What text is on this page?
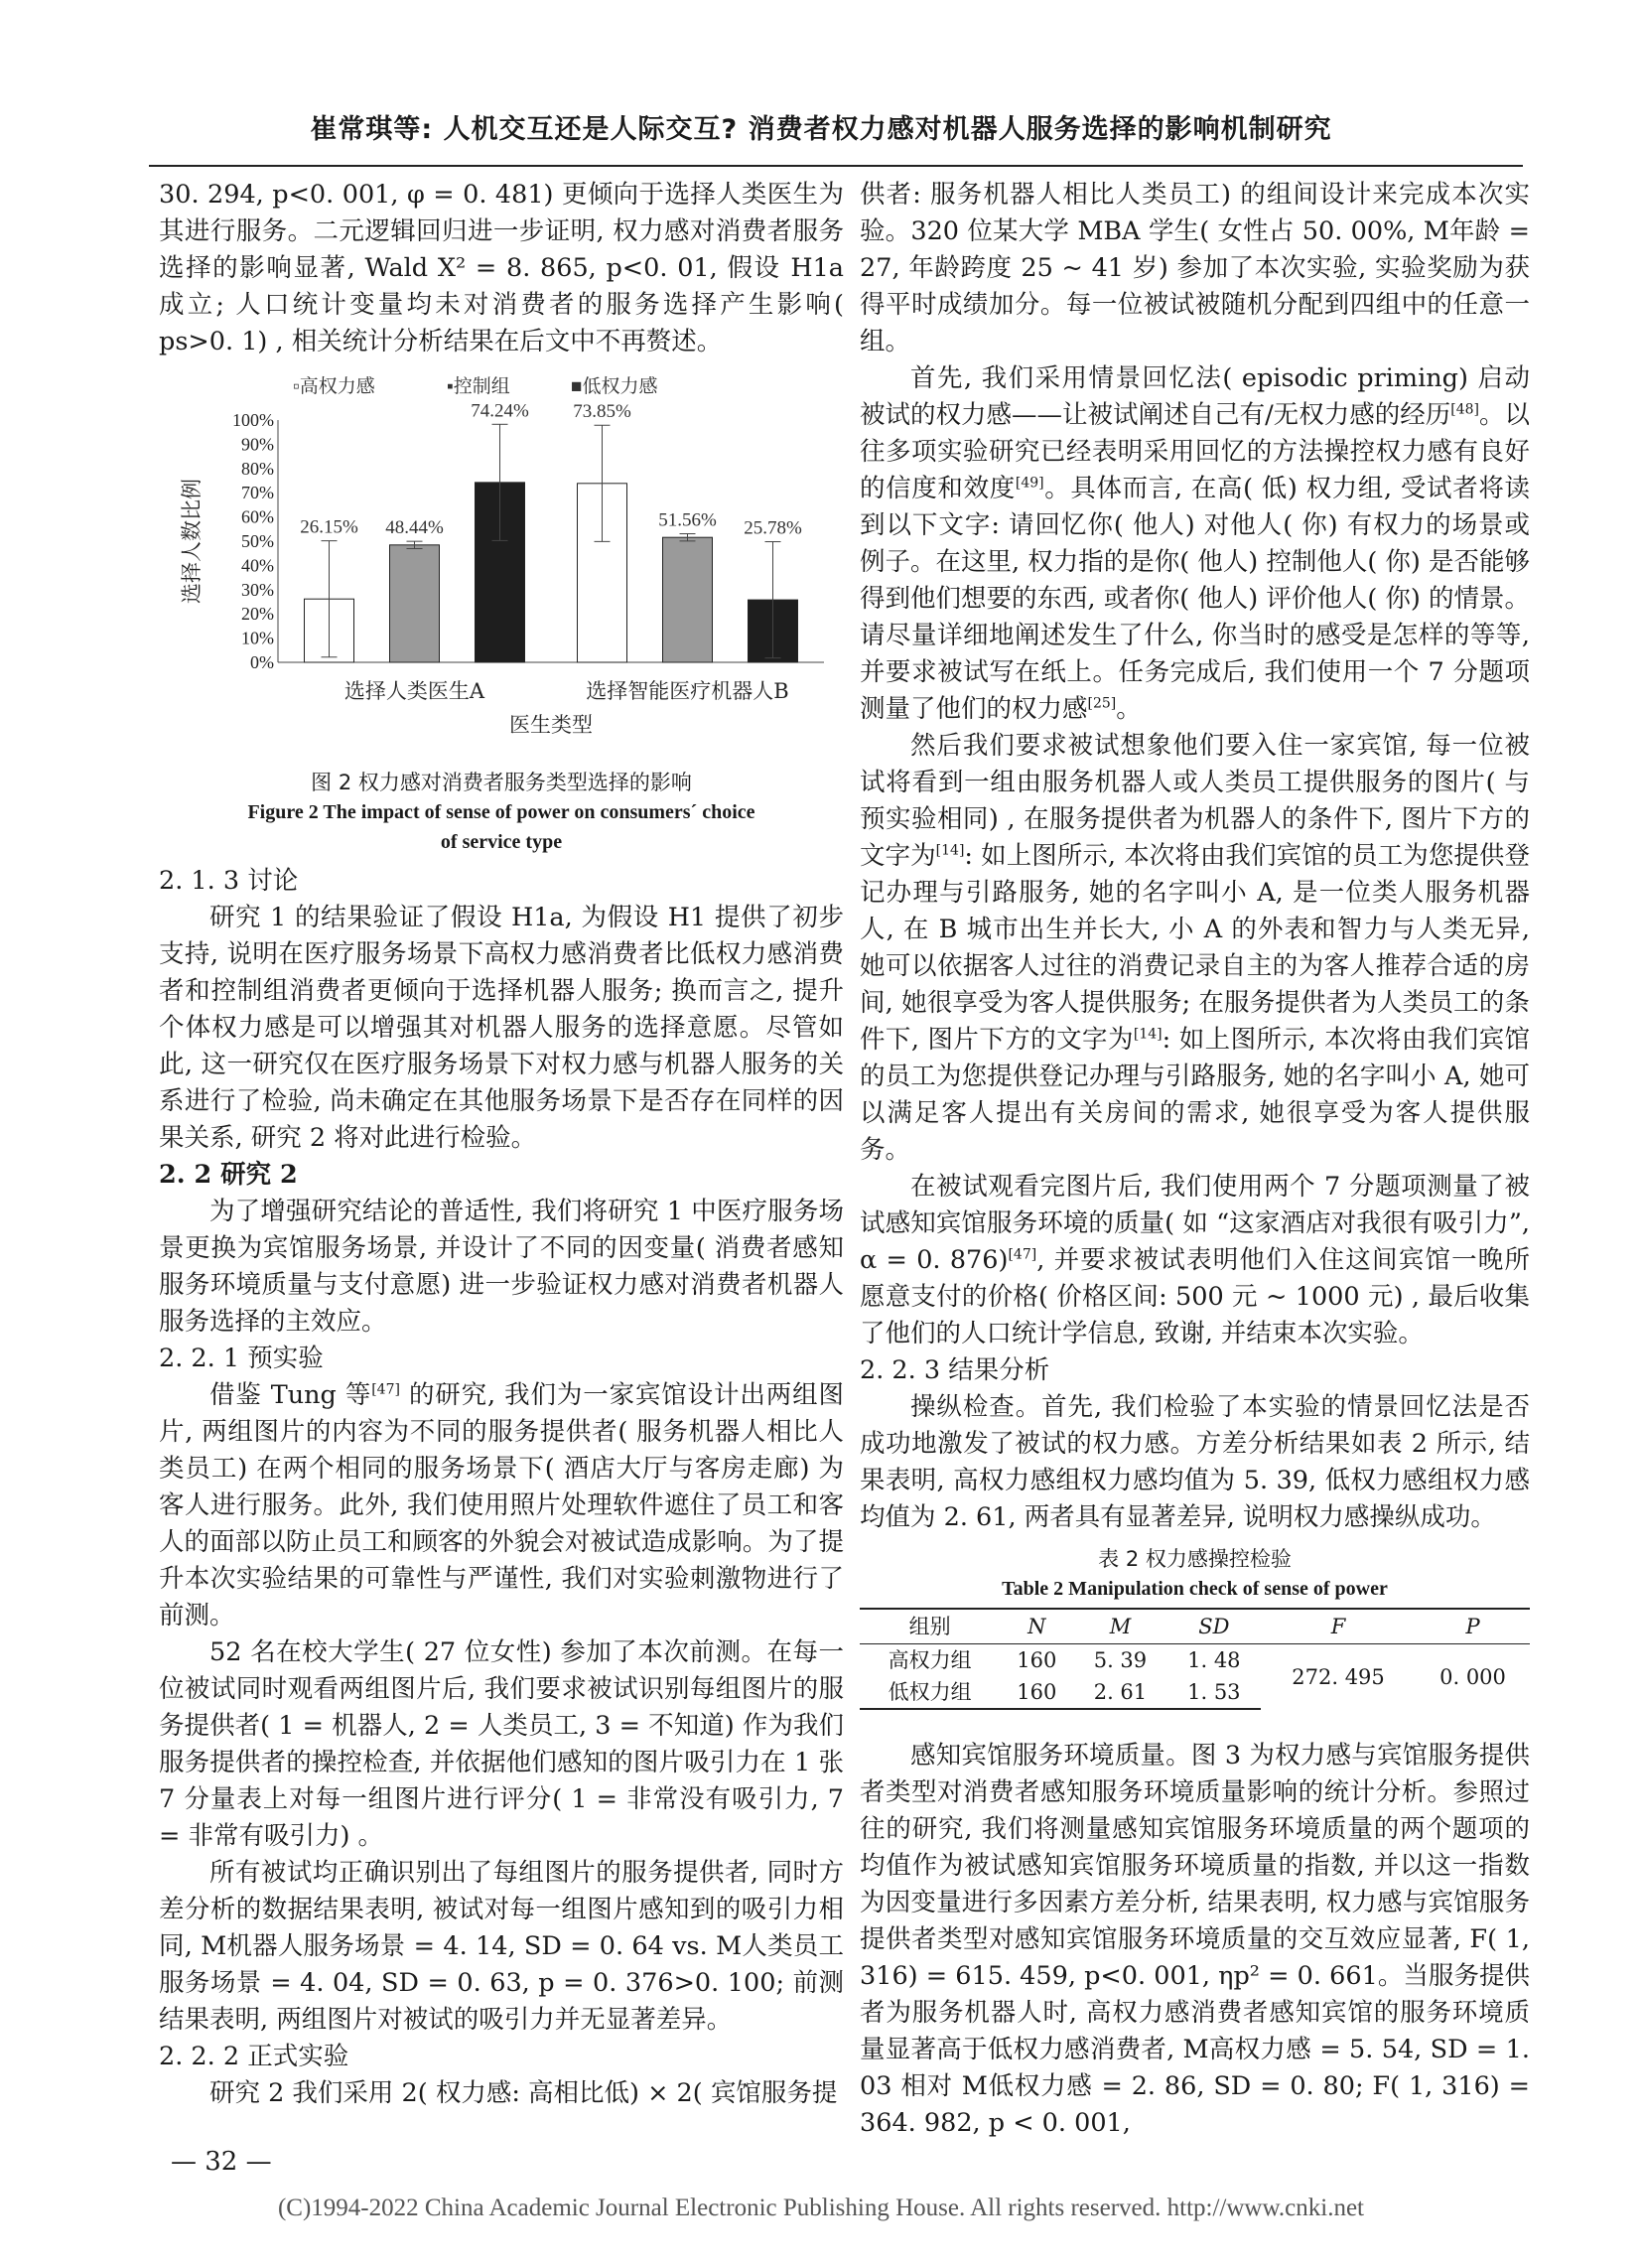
崔常琪等: 人机交互还是人际交互? 消费者权力感对机器人服务选择的影响机制研究

30. 294, p<0. 001, φ = 0. 481) 更倾向于选择人类医生为其进行服务。二元逻辑回归进一步证明, 权力感对消费者服务选择的影响显著, Wald X² = 8. 865, p<0. 01, 假设 H1a 成立; 人口统计变量均未对消费者的服务选择产生影响( ps>0. 1) , 相关统计分析结果在后文中不再赘述。

▫高权力感	▪控制组	■低权力感
0%
10%
20%
30%
40%
50%
60%
70%
80%
90%
100%
选择人数比例	26.15% 48.44%
74.24%
选择人类医生A
73.85%
51.56% 25.78%
选择智能医疗机器人B
医生类型
图 2 权力感对消费者服务类型选择的影响
Figure 2 The impact of sense of power on consumers´ choice
of service type

2. 1. 3 讨论

研究 1 的结果验证了假设 H1a, 为假设 H1 提供了初步支持, 说明在医疗服务场景下高权力感消费者比低权力感消费者和控制组消费者更倾向于选择机器人服务; 换而言之, 提升个体权力感是可以增强其对机器人服务的选择意愿。尽管如此, 这一研究仅在医疗服务场景下对权力感与机器人服务的关系进行了检验, 尚未确定在其他服务场景下是否存在同样的因果关系, 研究 2 将对此进行检验。

2. 2 研究 2

为了增强研究结论的普适性, 我们将研究 1 中医疗服务场景更换为宾馆服务场景, 并设计了不同的因变量( 消费者感知服务环境质量与支付意愿) 进一步验证权力感对消费者机器人服务选择的主效应。

2. 2. 1 预实验

借鉴 Tung 等[47] 的研究, 我们为一家宾馆设计出两组图片, 两组图片的内容为不同的服务提供者( 服务机器人相比人类员工) 在两个相同的服务场景下( 酒店大厅与客房走廊) 为客人进行服务。此外, 我们使用照片处理软件遮住了员工和客人的面部以防止员工和顾客的外貌会对被试造成影响。为了提升本次实验结果的可靠性与严谨性, 我们对实验刺激物进行了前测。

52 名在校大学生( 27 位女性) 参加了本次前测。在每一位被试同时观看两组图片后, 我们要求被试识别每组图片的服务提供者( 1 = 机器人, 2 = 人类员工, 3 = 不知道) 作为我们服务提供者的操控检查, 并依据他们感知的图片吸引力在 1 张 7 分量表上对每一组图片进行评分( 1 = 非常没有吸引力, 7 = 非常有吸引力) 。

所有被试均正确识别出了每组图片的服务提供者, 同时方差分析的数据结果表明, 被试对每一组图片感知到的吸引力相同, M机器人服务场景 = 4. 14, SD = 0. 64 vs. M人类员工服务场景 = 4. 04, SD = 0. 63, p = 0. 376>0. 100; 前测结果表明, 两组图片对被试的吸引力并无显著差异。

2. 2. 2 正式实验

研究 2 我们采用 2( 权力感: 高相比低) × 2( 宾馆服务提

供者: 服务机器人相比人类员工) 的组间设计来完成本次实验。320 位某大学 MBA 学生( 女性占 50. 00%, M年龄 = 27, 年龄跨度 25 ~ 41 岁) 参加了本次实验, 实验奖励为获得平时成绩加分。每一位被试被随机分配到四组中的任意一组。

首先, 我们采用情景回忆法( episodic priming) 启动被试的权力感——让被试阐述自己有/无权力感的经历[48]。以往多项实验研究已经表明采用回忆的方法操控权力感有良好的信度和效度[49]。具体而言, 在高( 低) 权力组, 受试者将读到以下文字: 请回忆你( 他人) 对他人( 你) 有权力的场景或例子。在这里, 权力指的是你( 他人) 控制他人( 你) 是否能够得到他们想要的东西, 或者你( 他人) 评价他人( 你) 的情景。请尽量详细地阐述发生了什么, 你当时的感受是怎样的等等, 并要求被试写在纸上。任务完成后, 我们使用一个 7 分题项测量了他们的权力感[25]。

然后我们要求被试想象他们要入住一家宾馆, 每一位被试将看到一组由服务机器人或人类员工提供服务的图片( 与预实验相同) , 在服务提供者为机器人的条件下, 图片下方的文字为[14]: 如上图所示, 本次将由我们宾馆的员工为您提供登记办理与引路服务, 她的名字叫小 A, 是一位类人服务机器人, 在 B 城市出生并长大, 小 A 的外表和智力与人类无异, 她可以依据客人过往的消费记录自主的为客人推荐合适的房间, 她很享受为客人提供服务; 在服务提供者为人类员工的条件下, 图片下方的文字为[14]: 如上图所示, 本次将由我们宾馆的员工为您提供登记办理与引路服务, 她的名字叫小 A, 她可以满足客人提出有关房间的需求, 她很享受为客人提供服务。

在被试观看完图片后, 我们使用两个 7 分题项测量了被试感知宾馆服务环境的质量( 如 “这家酒店对我很有吸引力”, α = 0. 876)[47], 并要求被试表明他们入住这间宾馆一晚所愿意支付的价格( 价格区间: 500 元 ~ 1000 元) , 最后收集了他们的人口统计学信息, 致谢, 并结束本次实验。

2. 2. 3 结果分析

操纵检查。首先, 我们检验了本实验的情景回忆法是否成功地激发了被试的权力感。方差分析结果如表 2 所示, 结果表明, 高权力感组权力感均值为 5. 39, 低权力感组权力感均值为 2. 61, 两者具有显著差异, 说明权力感操纵成功。

表 2 权力感操控检验
Table 2 Manipulation check of sense of power
组别	N	M	SD	F	P
高权力组	160	5. 39	1. 48	272. 495	0. 000
低权力组	160	2. 61	1. 53		

感知宾馆服务环境质量。图 3 为权力感与宾馆服务提供者类型对消费者感知服务环境质量影响的统计分析。参照过往的研究, 我们将测量感知宾馆服务环境质量的两个题项的均值作为被试感知宾馆服务环境质量的指数, 并以这一指数为因变量进行多因素方差分析, 结果表明, 权力感与宾馆服务提供者类型对感知宾馆服务环境质量的交互效应显著, F( 1, 316) = 615. 459, p<0. 001, ηp² = 0. 661。当服务提供者为服务机器人时, 高权力感消费者感知宾馆的服务环境质量显著高于低权力感消费者, M高权力感 = 5. 54, SD = 1. 03 相对 M低权力感 = 2. 86, SD = 0. 80; F( 1, 316) = 364. 982, p < 0. 001,

— 32 —
(C)1994-2022 China Academic Journal Electronic Publishing House. All rights reserved. http://www.cnki.net
